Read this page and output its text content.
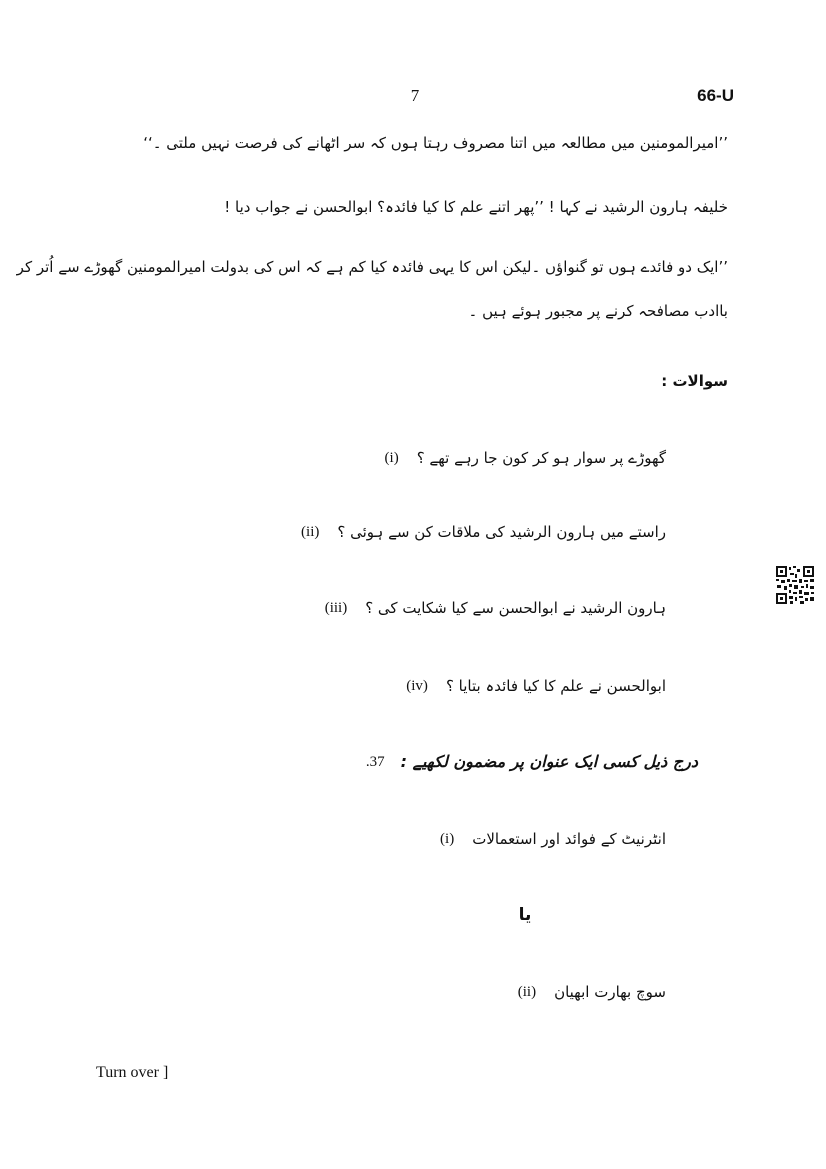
7	66-U
’’امیرالمومنین میں مطالعہ میں اتنا مصروف رہتا ہوں کہ سر اٹھانے کی فرصت نہیں ملتی ۔‘‘
خلیفہ ہارون الرشید نے کہا ! ’’پھر اتنے علم کا کیا فائدہ؟ ابوالحسن نے جواب دیا !
’’ایک دو فائدے ہوں تو گنواؤں ۔لیکن اس کا یہی فائدہ کیا کم ہے کہ اس کی بدولت امیرالمومنین گھوڑے سے اُتر کر
باادب مصافحہ کرنے پر مجبور ہوئے ہیں ۔
سوالات :
(i) گھوڑے پر سوار ہو کر کون جا رہے تھے ؟
(ii) راستے میں ہارون الرشید کی ملاقات کن سے ہوئی ؟
(iii) ہارون الرشید نے ابوالحسن سے کیا شکایت کی ؟
(iv) ابوالحسن نے علم کا کیا فائدہ بتایا ؟
37. درج ذیل کسی ایک عنوان پر مضمون لکھیے :
(i) انٹرنیٹ کے فوائد اور استعمالات
یا
(ii) سوچ بھارت ابھیان
Turn over ]
